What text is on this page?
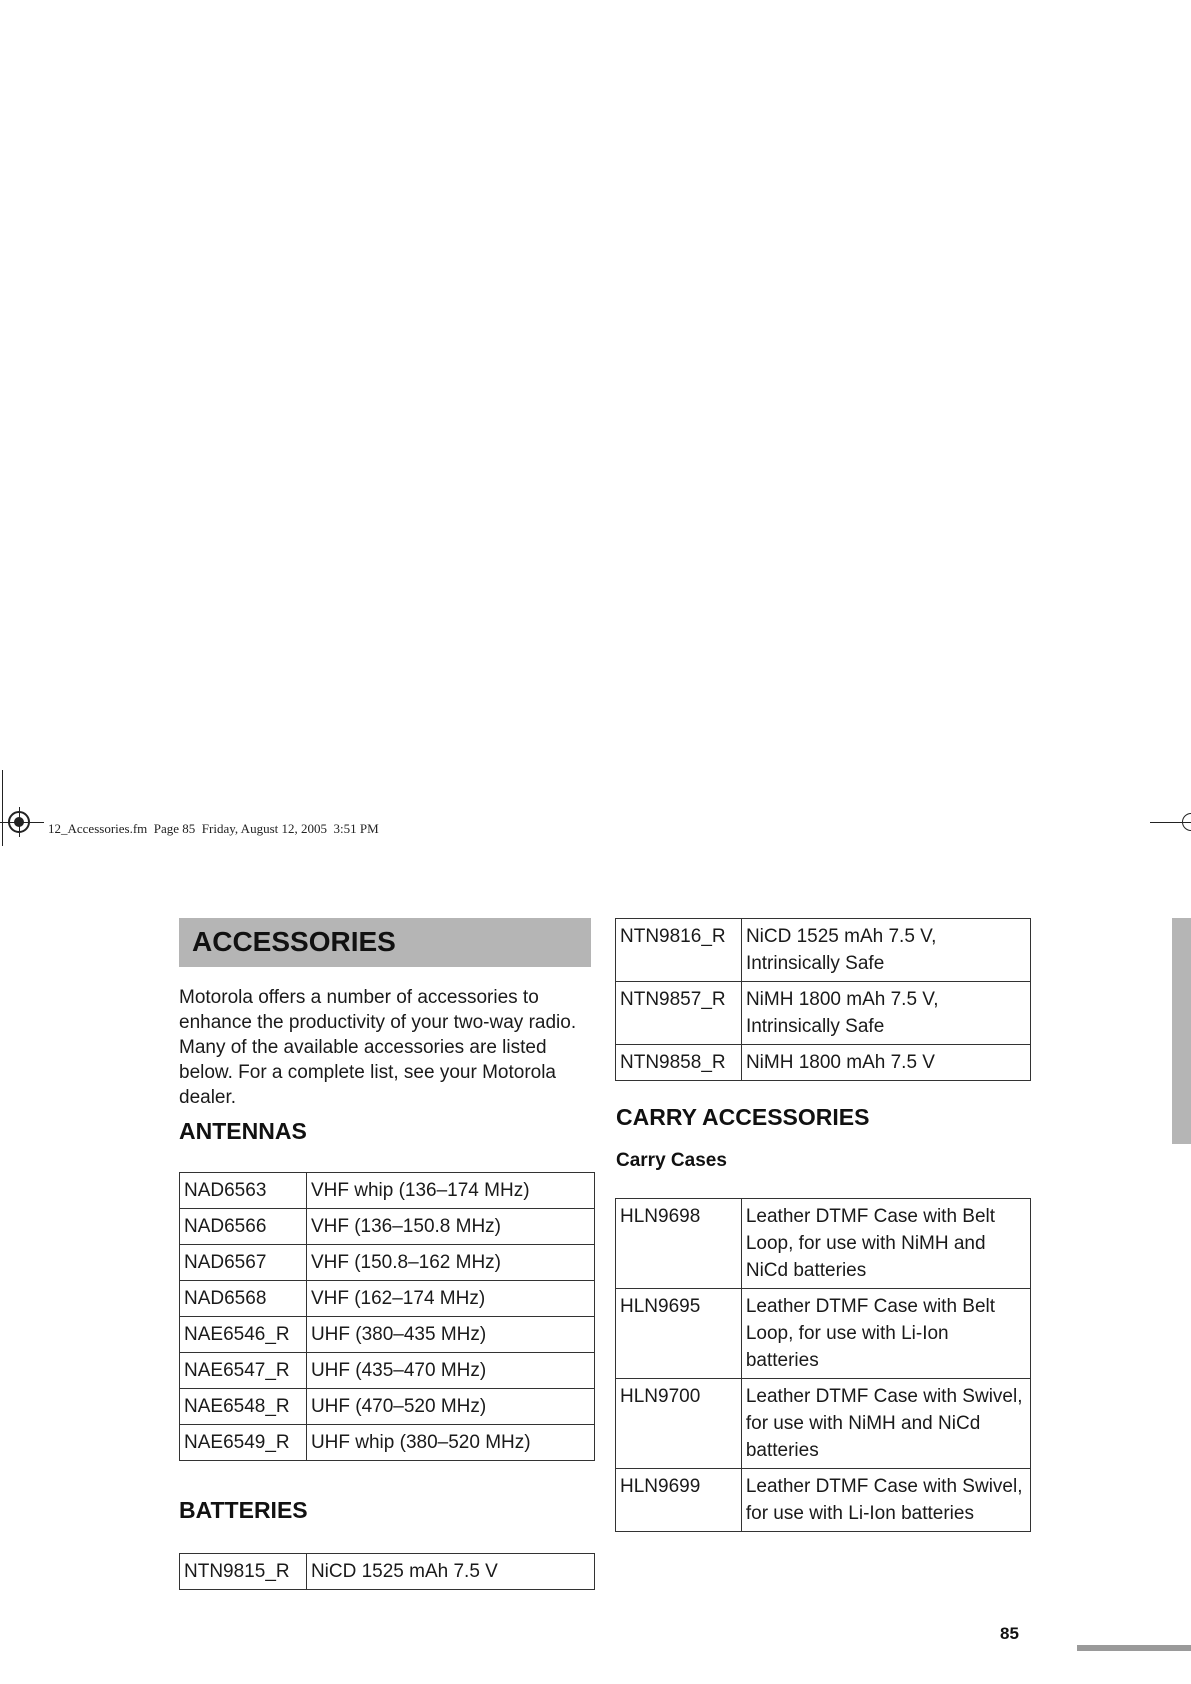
12_Accessories.fm  Page 85  Friday, August 12, 2005  3:51 PM
ACCESSORIES
Motorola offers a number of accessories to enhance the productivity of your two-way radio. Many of the available accessories are listed below. For a complete list, see your Motorola dealer.
ANTENNAS
NAD6563	VHF whip (136–174 MHz)
NAD6566	VHF (136–150.8 MHz)
NAD6567	VHF (150.8–162 MHz)
NAD6568	VHF (162–174 MHz)
NAE6546_R	UHF (380–435 MHz)
NAE6547_R	UHF (435–470 MHz)
NAE6548_R	UHF (470–520 MHz)
NAE6549_R	UHF whip (380–520 MHz)
BATTERIES
NTN9815_R	NiCD 1525 mAh 7.5 V
NTN9816_R	NiCD 1525 mAh 7.5 V, Intrinsically Safe
NTN9857_R	NiMH 1800 mAh 7.5 V, Intrinsically Safe
NTN9858_R	NiMH 1800 mAh 7.5 V
CARRY ACCESSORIES
Carry Cases
HLN9698	Leather DTMF Case with Belt Loop, for use with NiMH and NiCd batteries
HLN9695	Leather DTMF Case with Belt Loop, for use with Li-Ion batteries
HLN9700	Leather DTMF Case with Swivel, for use with NiMH and NiCd batteries
HLN9699	Leather DTMF Case with Swivel, for use with Li-Ion batteries
85
